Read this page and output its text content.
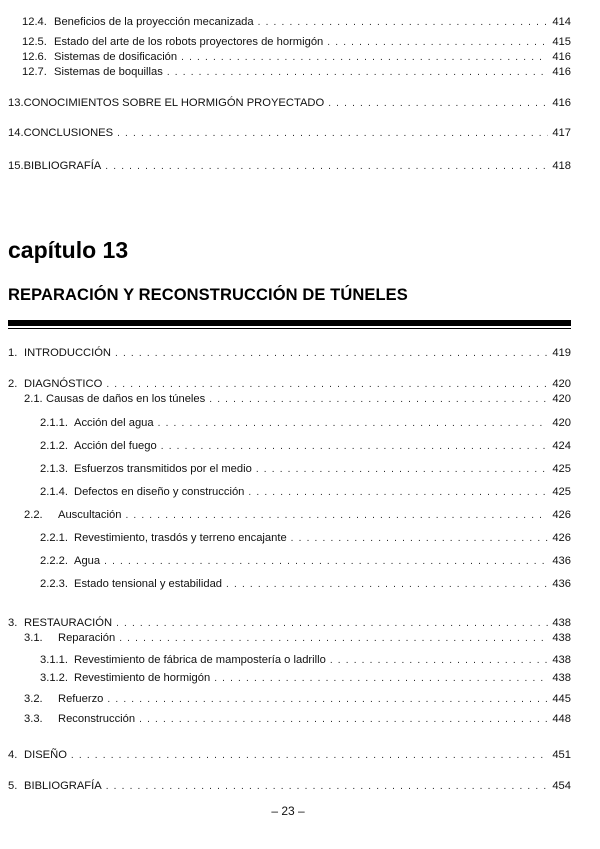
12.4. Beneficios de la proyección mecanizada . . .	414
12.5. Estado del arte de los robots proyectores de hormigón . . .	415
12.6. Sistemas de dosificación . . .	416
12.7. Sistemas de boquillas . . .	416
13. CONOCIMIENTOS SOBRE EL HORMIGÓN PROYECTADO . . .	416
14. CONCLUSIONES . . .	417
15. BIBLIOGRAFÍA . . .	418
capítulo 13
REPARACIÓN Y RECONSTRUCCIÓN DE TÚNELES
1. INTRODUCCIÓN . . .	419
2. DIAGNÓSTICO . . .	420
2.1. Causas de daños en los túneles . . .	420
2.1.1. Acción del agua . . .	420
2.1.2. Acción del fuego . . .	424
2.1.3. Esfuerzos transmitidos por el medio . . .	425
2.1.4. Defectos en diseño y construcción . . .	425
2.2.	Auscultación . . .	426
2.2.1. Revestimiento, trasdós y terreno encajante . . .	426
2.2.2. Agua . . .	436
2.2.3. Estado tensional y estabilidad . . .	436
3. RESTAURACIÓN . . .	438
3.1.	Reparación . . .	438
3.1.1. Revestimiento de fábrica de mampostería o ladrillo . . .	438
3.1.2. Revestimiento de hormigón . . .	438
3.2.	Refuerzo . . .	445
3.3.	Reconstrucción . . .	448
4. DISEÑO . . .	451
5. BIBLIOGRAFÍA . . .	454
– 23 –
